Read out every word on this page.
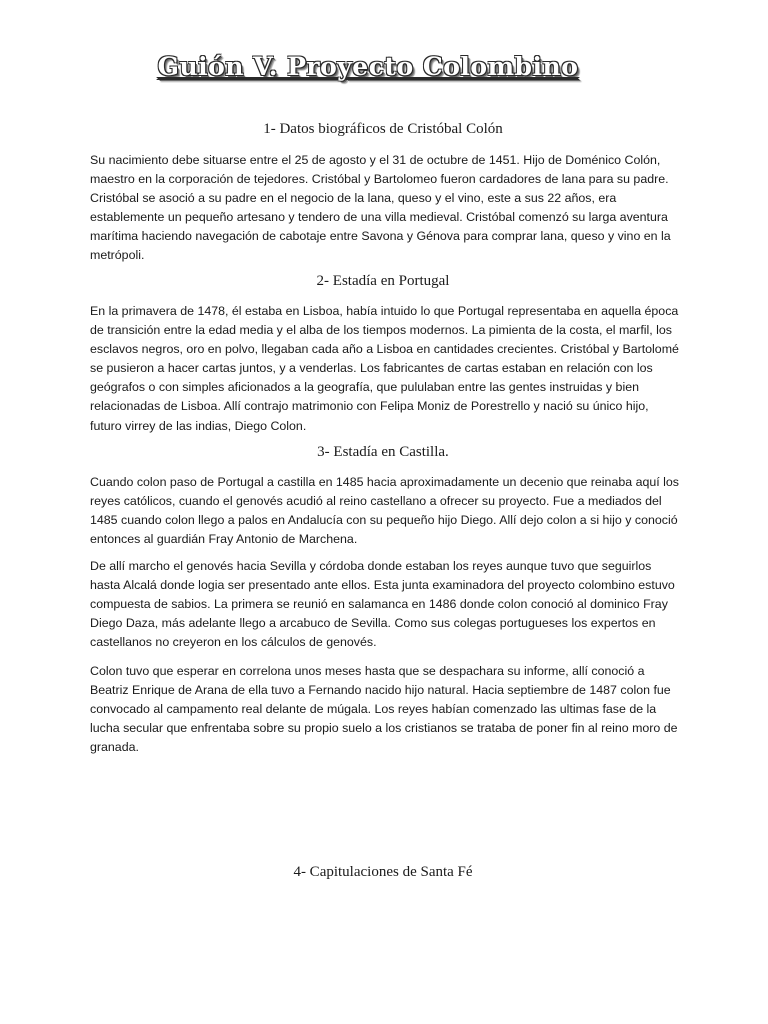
Guión V. Proyecto Colombino
1- Datos biográficos de Cristóbal Colón

Su nacimiento debe situarse entre el 25 de agosto y el 31 de octubre de 1451. Hijo de Doménico Colón, maestro en la corporación de tejedores. Cristóbal y Bartolomeo fueron cardadores de lana para su padre. Cristóbal se asoció a su padre en el negocio de la lana, queso y el vino, este a sus 22 años, era establemente un pequeño artesano y tendero de una villa medieval. Cristóbal comenzó su larga aventura marítima haciendo navegación de cabotaje entre Savona y Génova para comprar lana, queso y vino en la metrópoli.

2- Estadía en Portugal

En la primavera de 1478, él estaba en Lisboa, había intuido lo que Portugal representaba en aquella época de transición entre la edad media y el alba de los tiempos modernos. La pimienta de la costa, el marfil, los esclavos negros, oro en polvo, llegaban cada año a Lisboa en cantidades crecientes. Cristóbal y Bartolomé se pusieron a hacer cartas juntos, y a venderlas. Los fabricantes de cartas estaban en relación con los geógrafos o con simples aficionados a la geografía, que pululaban entre las gentes instruidas y bien relacionadas de Lisboa. Allí contrajo matrimonio con Felipa Moniz de Porestrello y nació su único hijo, futuro virrey de las indias, Diego Colon.

3- Estadía en Castilla.

Cuando colon paso de Portugal a castilla en 1485 hacia aproximadamente un decenio que reinaba aquí los reyes católicos, cuando el genovés acudió al reino castellano a ofrecer su proyecto. Fue a mediados del 1485 cuando colon llego a palos en Andalucía con su pequeño hijo Diego. Allí dejo colon a si hijo y conoció entonces al guardián Fray Antonio de Marchena.

De allí marcho el genovés hacia Sevilla y córdoba donde estaban los reyes aunque tuvo que seguirlos hasta Alcalá donde logia ser presentado ante ellos. Esta junta examinadora del proyecto colombino estuvo compuesta de sabios. La primera se reunió en salamanca en 1486 donde colon conoció al dominico Fray Diego Daza, más adelante llego a arcabuco de Sevilla. Como sus colegas portugueses los expertos en castellanos no creyeron en los cálculos de genovés.

Colon tuvo que esperar en correlona unos meses hasta que se despachara su informe, allí conoció a Beatriz Enrique de Arana de ella tuvo a Fernando nacido hijo natural. Hacia septiembre de 1487 colon fue convocado al campamento real delante de múgala. Los reyes habían comenzado las ultimas fase de la lucha secular que enfrentaba sobre su propio suelo a los cristianos se trataba de poner fin al reino moro de granada.

4- Capitulaciones de Santa Fé
